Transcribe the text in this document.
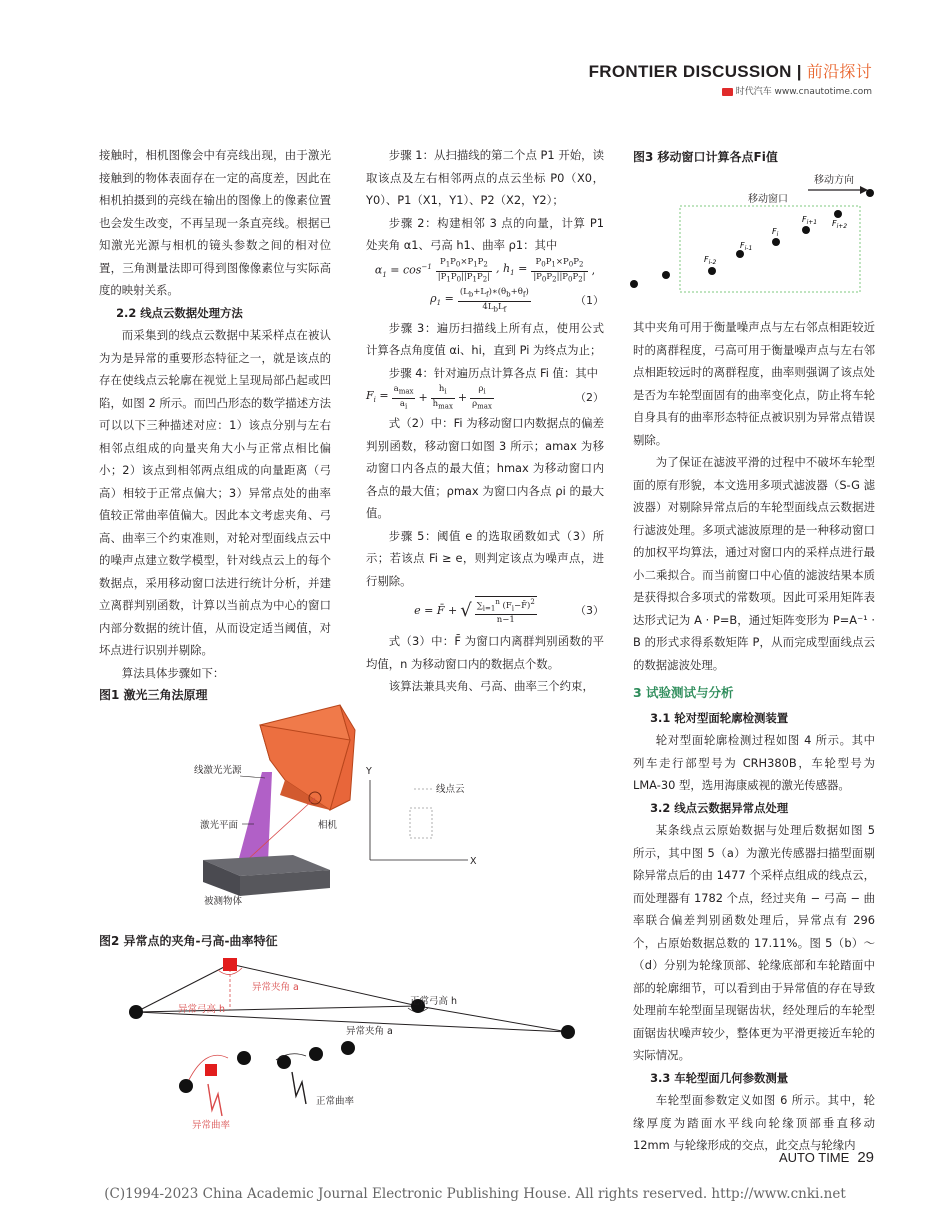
FRONTIER DISCUSSION | 前沿探讨
时代汽车 www.cnautotime.com

接触时，相机图像会中有亮线出现，由于激光接触到的物体表面存在一定的高度差，因此在相机拍摄到的亮线在输出的图像上的像素位置也会发生改变，不再呈现一条直亮线。根据已知激光光源与相机的镜头参数之间的相对位置，三角测量法即可得到图像像素位与实际高度的映射关系。

2.2 线点云数据处理方法

而采集到的线点云数据中某采样点在被认为为是异常的重要形态特征之一，就是该点的存在使线点云轮廓在视觉上呈现局部凸起或凹陷，如图 2 所示。而凹凸形态的数学描述方法可以以下三种描述对应：1）该点分别与左右相邻点组成的向量夹角大小与正常点相比偏小；2）该点到相邻两点组成的向量距离（弓高）相较于正常点偏大；3）异常点处的曲率值较正常曲率值偏大。因此本文考虑夹角、弓高、曲率三个约束准则，对轮对型面线点云中的噪声点建立数学模型，针对线点云上的每个数据点，采用移动窗口法进行统计分析，并建立离群判别函数，计算以当前点为中心的窗口内部分数据的统计值，从而设定适当阈值，对坏点进行识别并剔除。

算法具体步骤如下：

步骤 1：从扫描线的第二个点 P1 开始，读取该点及左右相邻两点的点云坐标 P0（X0，Y0）、P1（X1，Y1）、P2（X2，Y2）；

步骤 2：构建相邻 3 点的向量，计算 P1 处夹角 α1、弓高 h1、曲率 ρ1：其中

$\alpha_1 = \cos^{-1} \frac{P_1P_0\times P_1P_2}{|P_1P_0||P_1P_2|}$ , $h_1 = \frac{P_0P_1\times P_0P_2}{|P_0P_2||P_0P_2|}$ ,
$\rho_1 = \frac{(L_b+L_f)∗(\theta_b+\theta_f)}{4L_bL_f}$	（1）

步骤 3：遍历扫描线上所有点，使用公式计算各点角度值 αi、hi，直到 Pi 为终点为止；

步骤 4：针对遍历点计算各点 Fi 值：其中

$F_i = \frac{a_{max}}{a_i} + \frac{h_i}{h_{max}} + \frac{\rho_i}{\rho_{max}}$	（2）

式（2）中：Fi 为移动窗口内数据点的偏差判别函数，移动窗口如图 3 所示；amax 为移动窗口内各点的最大值；hmax 为移动窗口内各点的最大值；ρmax 为窗口内各点 ρi 的最大值。

步骤 5：阈值 e 的选取函数如式（3）所示；若该点 Fi ≥ e，则判定该点为噪声点，进行剔除。

e = F̄ + √ $\frac{\sum_{i=1}^n (F_i-F̄)^2}{n-1}$	（3）

式（3）中：F̄ 为窗口内离群判别函数的平均值，n 为移动窗口内的数据点个数。

该算法兼具夹角、弓高、曲率三个约束，

图3 移动窗口计算各点Fi值
移动方向
移动窗口
$F_{i-2}$
$F_{i-1}$
$F_i$
$F_{i+1}$ $F_{i+2}$

其中夹角可用于衡量噪声点与左右邻点相距较近时的离群程度，弓高可用于衡量噪声点与左右邻点相距较远时的离群程度，曲率则强调了该点处是否为车轮型面固有的曲率变化点，防止将车轮自身具有的曲率形态特征点被识别为异常点错误剔除。

为了保证在滤波平滑的过程中不破坏车轮型面的原有形貌，本文选用多项式滤波器（S-G 滤波器）对剔除异常点后的车轮型面线点云数据进行滤波处理。多项式滤波原理的是一种移动窗口的加权平均算法，通过对窗口内的采样点进行最小二乘拟合。而当前窗口中心值的滤波结果本质是获得拟合多项式的常数项。因此可采用矩阵表达形式记为 A · P=B，通过矩阵变形为 P=A⁻¹ · B 的形式求得系数矩阵 P，从而完成型面线点云的数据滤波处理。

3 试验测试与分析

3.1 轮对型面轮廓检测装置

轮对型面轮廓检测过程如图 4 所示。其中列车走行部型号为 CRH380B，车轮型号为 LMA-30 型，选用海康威视的激光传感器。

3.2 线点云数据异常点处理

某条线点云原始数据与处理后数据如图 5 所示，其中图 5（a）为激光传感器扫描型面剔除异常点后的由 1477 个采样点组成的线点云，而处理器有 1782 个点，经过夹角 − 弓高 − 曲率联合偏差判别函数处理后，异常点有 296 个，占原始数据总数的 17.11%。图 5（b）～（d）分别为轮缘顶部、轮缘底部和车轮踏面中部的轮廓细节，可以看到由于异常值的存在导致处理前车轮型面呈现锯齿状，经处理后的车轮型面锯齿状噪声较少，整体更为平滑更接近车轮的实际情况。

3.3 车轮型面几何参数测量

车轮型面参数定义如图 6 所示。其中，轮缘厚度为踏面水平线向轮缘顶部垂直移动 12mm 与轮缘形成的交点，此交点与轮缘内

图1 激光三角法原理
线激光光源
相机
激光平面
被测物体
Y
X
线点云
图2 异常点的夹角-弓高-曲率特征
异常夹角 a
异常弓高 h
正常弓高 h
异常夹角 a
异常曲率
正常曲率
AUTO TIME 29
(C)1994-2023 China Academic Journal Electronic Publishing House. All rights reserved. http://www.cnki.net
